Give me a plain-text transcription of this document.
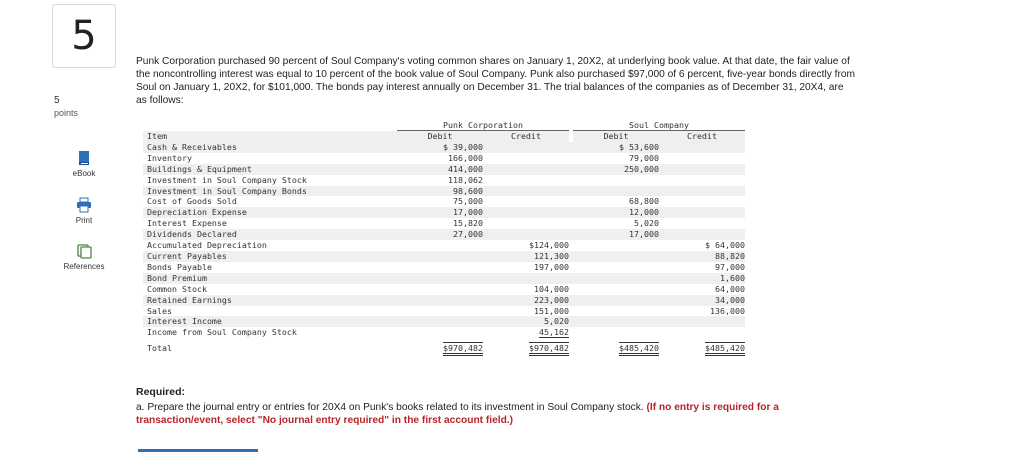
5
5
points
eBook
Print
References
Punk Corporation purchased 90 percent of Soul Company's voting common shares on January 1, 20X2, at underlying book value. At that date, the fair value of the noncontrolling interest was equal to 10 percent of the book value of Soul Company. Punk also purchased $97,000 of 6 percent, five-year bonds directly from Soul on January 1, 20X2, for $101,000. The bonds pay interest annually on December 31. The trial balances of the companies as of December 31, 20X4, are as follows:
	Punk Corporation			Soul Company	
Item	Debit	Credit		Debit	Credit
Cash & Receivables	$ 39,000			$ 53,600	
Inventory	166,000			79,000	
Buildings & Equipment	414,000			250,000	
Investment in Soul Company Stock	118,062				
Investment in Soul Company Bonds	98,600				
Cost of Goods Sold	75,000			68,800	
Depreciation Expense	17,000			12,000	
Interest Expense	15,820			5,020	
Dividends Declared	27,000			17,000	
Accumulated Depreciation		$124,000			$ 64,000
Current Payables		121,300			88,820
Bonds Payable		197,000			97,000
Bond Premium					1,600
Common Stock		104,000			64,000
Retained Earnings		223,000			34,000
Sales		151,000			136,000
Interest Income		5,020			
Income from Soul Company Stock		45,162			
Total	$970,482	$970,482		$485,420	$485,420
Required:
a. Prepare the journal entry or entries for 20X4 on Punk's books related to its investment in Soul Company stock. (If no entry is required for a transaction/event, select "No journal entry required" in the first account field.)
